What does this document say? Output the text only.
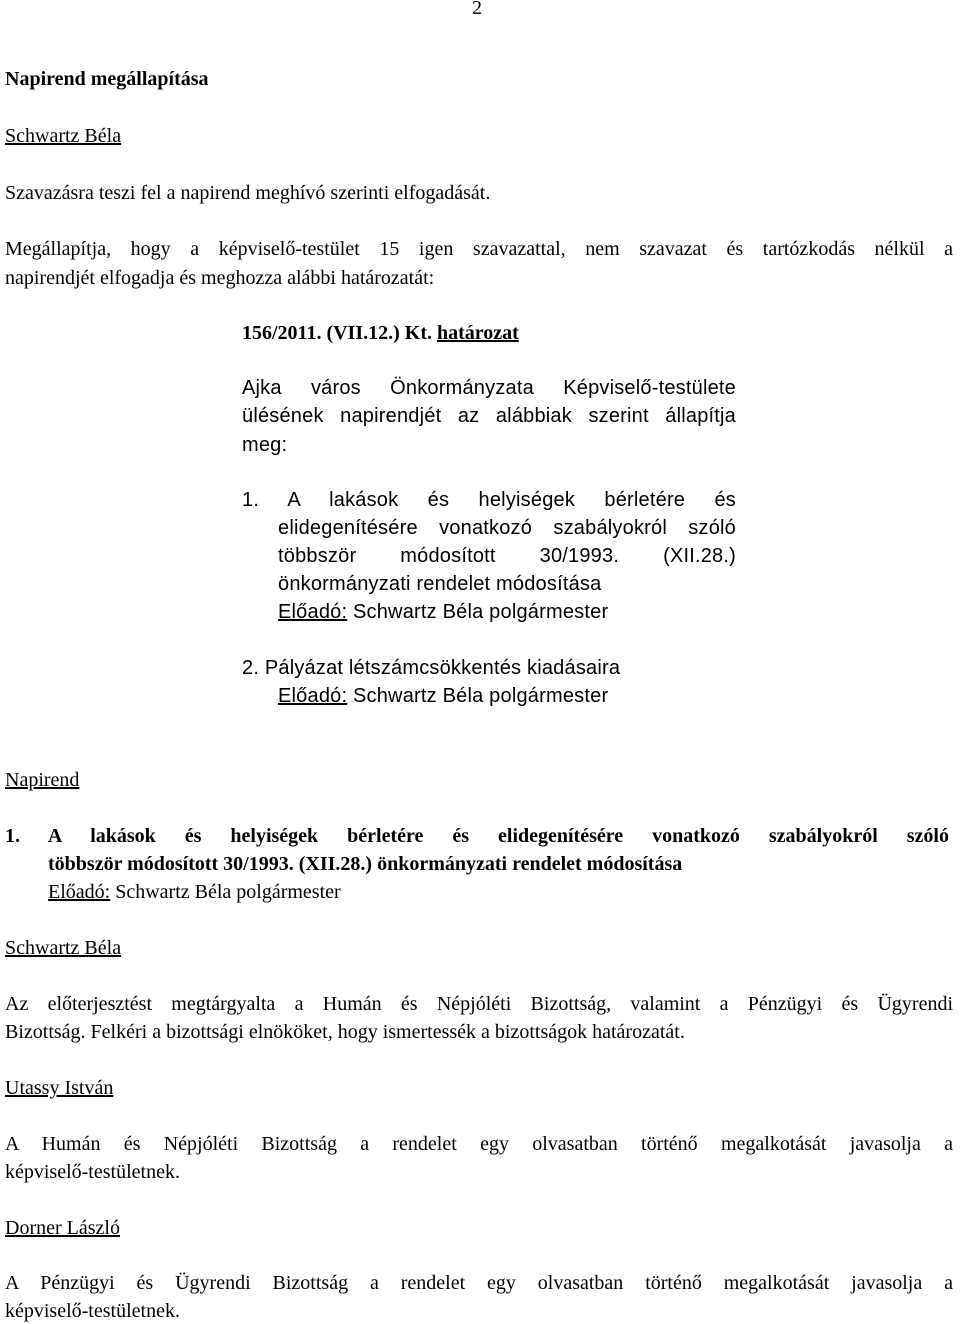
2
Napirend megállapítása
Schwartz Béla
Szavazásra teszi fel a napirend meghívó szerinti elfogadását.
Megállapítja, hogy a képviselő-testület 15 igen szavazattal, nem szavazat és tartózkodás nélkül a
napirendjét elfogadja és meghozza alábbi határozatát:
156/2011. (VII.12.) Kt. határozat
Ajka város Önkormányzata Képviselő-testülete
ülésének napirendjét az alábbiak szerint állapítja
meg:
1. A lakások és helyiségek bérletére és
elidegenítésére vonatkozó szabályokról szóló
többször módosított 30/1993. (XII.28.)
önkormányzati rendelet módosítása
Előadó: Schwartz Béla polgármester
2. Pályázat létszámcsökkentés kiadásaira
Előadó: Schwartz Béla polgármester
Napirend
1. A lakások és helyiségek bérletére és elidegenítésére vonatkozó szabályokról szóló
többször módosított 30/1993. (XII.28.) önkormányzati rendelet módosítása
Előadó: Schwartz Béla polgármester
Schwartz Béla
Az előterjesztést megtárgyalta a Humán és Népjóléti Bizottság, valamint a Pénzügyi és Ügyrendi
Bizottság. Felkéri a bizottsági elnököket, hogy ismertessék a bizottságok határozatát.
Utassy István
A Humán és Népjóléti Bizottság a rendelet egy olvasatban történő megalkotását javasolja a
képviselő-testületnek.
Dorner László
A Pénzügyi és Ügyrendi Bizottság a rendelet egy olvasatban történő megalkotását javasolja a
képviselő-testületnek.
